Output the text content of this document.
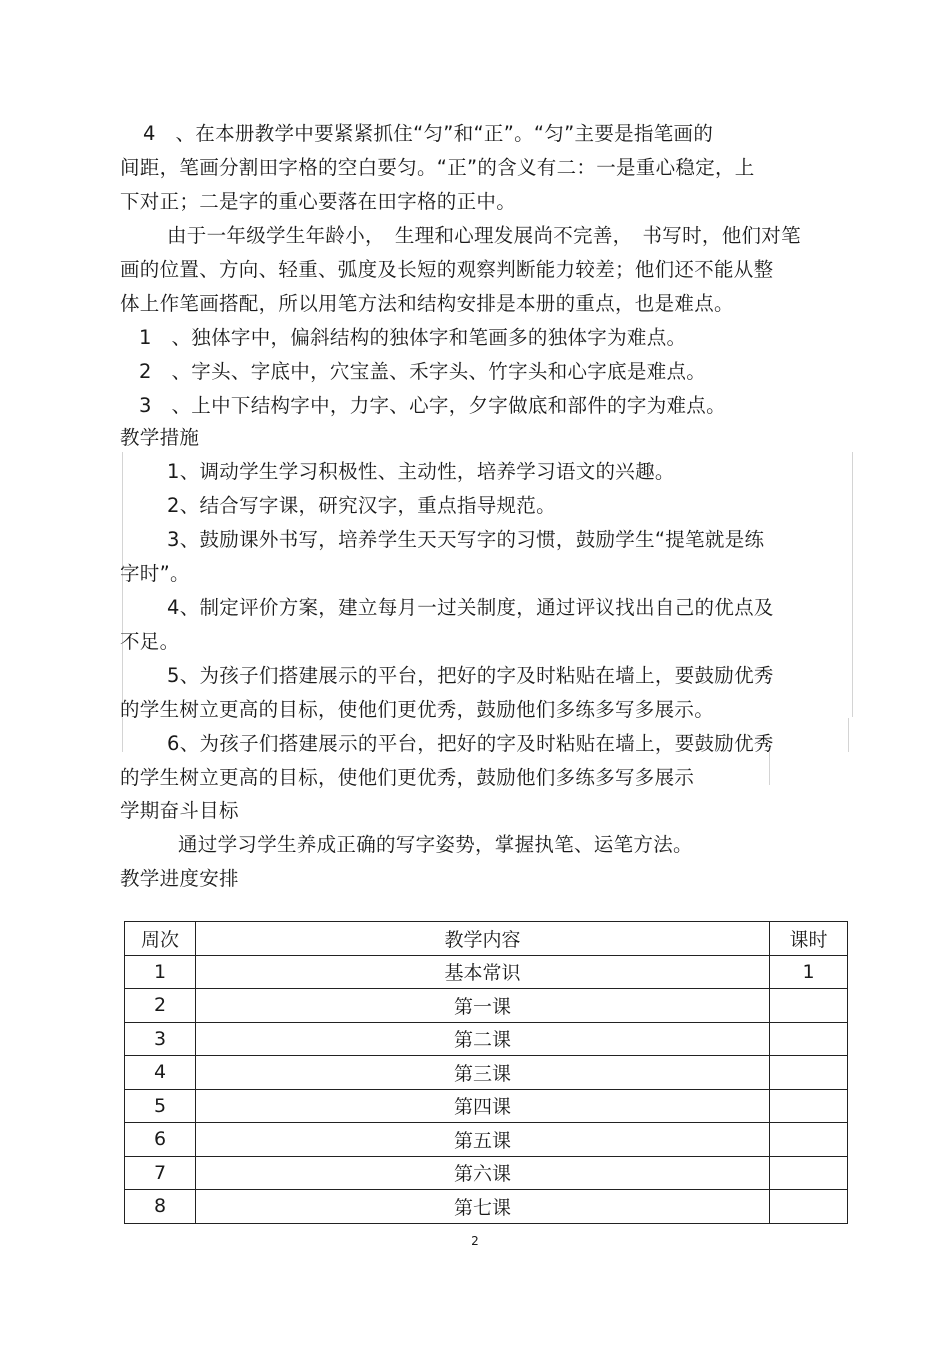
4　、在本册教学中要紧紧抓住“匀”和“正”。“匀”主要是指笔画的
间距，笔画分割田字格的空白要匀。“正”的含义有二：一是重心稳定，上
下对正；二是字的重心要落在田字格的正中。
由于一年级学生年龄小，　生理和心理发展尚不完善，　书写时，他们对笔
画的位置、方向、轻重、弧度及长短的观察判断能力较差；他们还不能从整
体上作笔画搭配，所以用笔方法和结构安排是本册的重点，也是难点。
1　、独体字中，偏斜结构的独体字和笔画多的独体字为难点。
2　、字头、字底中，穴宝盖、禾字头、竹字头和心字底是难点。
3　、上中下结构字中，力字、心字，夕字做底和部件的字为难点。
教学措施
1、调动学生学习积极性、主动性，培养学习语文的兴趣。
2、结合写字课，研究汉字，重点指导规范。
3、鼓励课外书写，培养学生天天写字的习惯，鼓励学生“提笔就是练
字时”。
4、制定评价方案，建立每月一过关制度，通过评议找出自己的优点及
不足。
5、为孩子们搭建展示的平台，把好的字及时粘贴在墙上，要鼓励优秀
的学生树立更高的目标，使他们更优秀，鼓励他们多练多写多展示。
6、为孩子们搭建展示的平台，把好的字及时粘贴在墙上，要鼓励优秀
的学生树立更高的目标，使他们更优秀，鼓励他们多练多写多展示
学期奋斗目标
通过学习学生养成正确的写字姿势，掌握执笔、运笔方法。
教学进度安排
周次	教学内容	课时
1	基本常识	1
2	第一课	
3	第二课	
4	第三课	
5	第四课	
6	第五课	
7	第六课	
8	第七课	
2
